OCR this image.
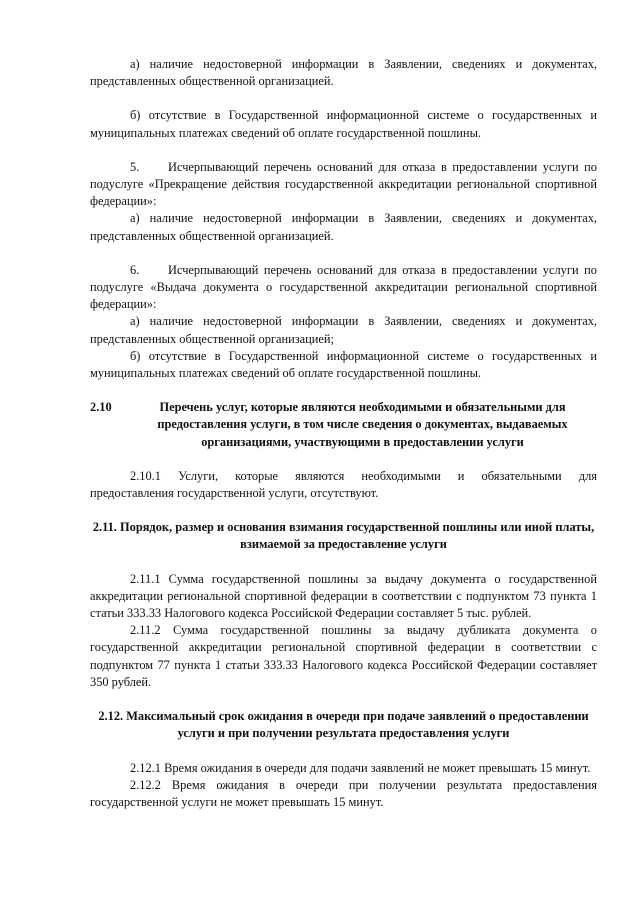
а) наличие недостоверной информации в Заявлении, сведениях и документах, представленных общественной организацией.

б) отсутствие в Государственной информационной системе о государственных и муниципальных платежах сведений об оплате государственной пошлины.

5. Исчерпывающий перечень оснований для отказа в предоставлении услуги по подуслуге «Прекращение действия государственной аккредитации региональной спортивной федерации»:

а) наличие недостоверной информации в Заявлении, сведениях и документах, представленных общественной организацией.

6. Исчерпывающий перечень оснований для отказа в предоставлении услуги по подуслуге «Выдача документа о государственной аккредитации региональной спортивной федерации»:

а) наличие недостоверной информации в Заявлении, сведениях и документах, представленных общественной организацией;

б) отсутствие в Государственной информационной системе о государственных и муниципальных платежах сведений об оплате государственной пошлины.

2.10	Перечень услуг, которые являются необходимыми и обязательными для предоставления услуги, в том числе сведения о документах, выдаваемых организациями, участвующими в предоставлении услуги

2.10.1 Услуги, которые являются необходимыми и обязательными для

предоставления государственной услуги, отсутствуют.

2.11. Порядок, размер и основания взимания государственной пошлины или иной платы, взимаемой за предоставление услуги

2.11.1 Сумма государственной пошлины за выдачу документа о государственной аккредитации региональной спортивной федерации в соответствии с подпунктом 73 пункта 1 статьи 333.33 Налогового кодекса Российской Федерации составляет 5 тыс. рублей.

2.11.2 Сумма государственной пошлины за выдачу дубликата документа о государственной аккредитации региональной спортивной федерации в соответствии с подпунктом 77 пункта 1 статьи 333.33 Налогового кодекса Российской Федерации составляет 350 рублей.

2.12. Максимальный срок ожидания в очереди при подаче заявлений о предоставлении услуги и при получении результата предоставления услуги

2.12.1 Время ожидания в очереди для подачи заявлений не может превышать 15 минут.

2.12.2 Время ожидания в очереди при получении результата предоставления государственной услуги не может превышать 15 минут.
